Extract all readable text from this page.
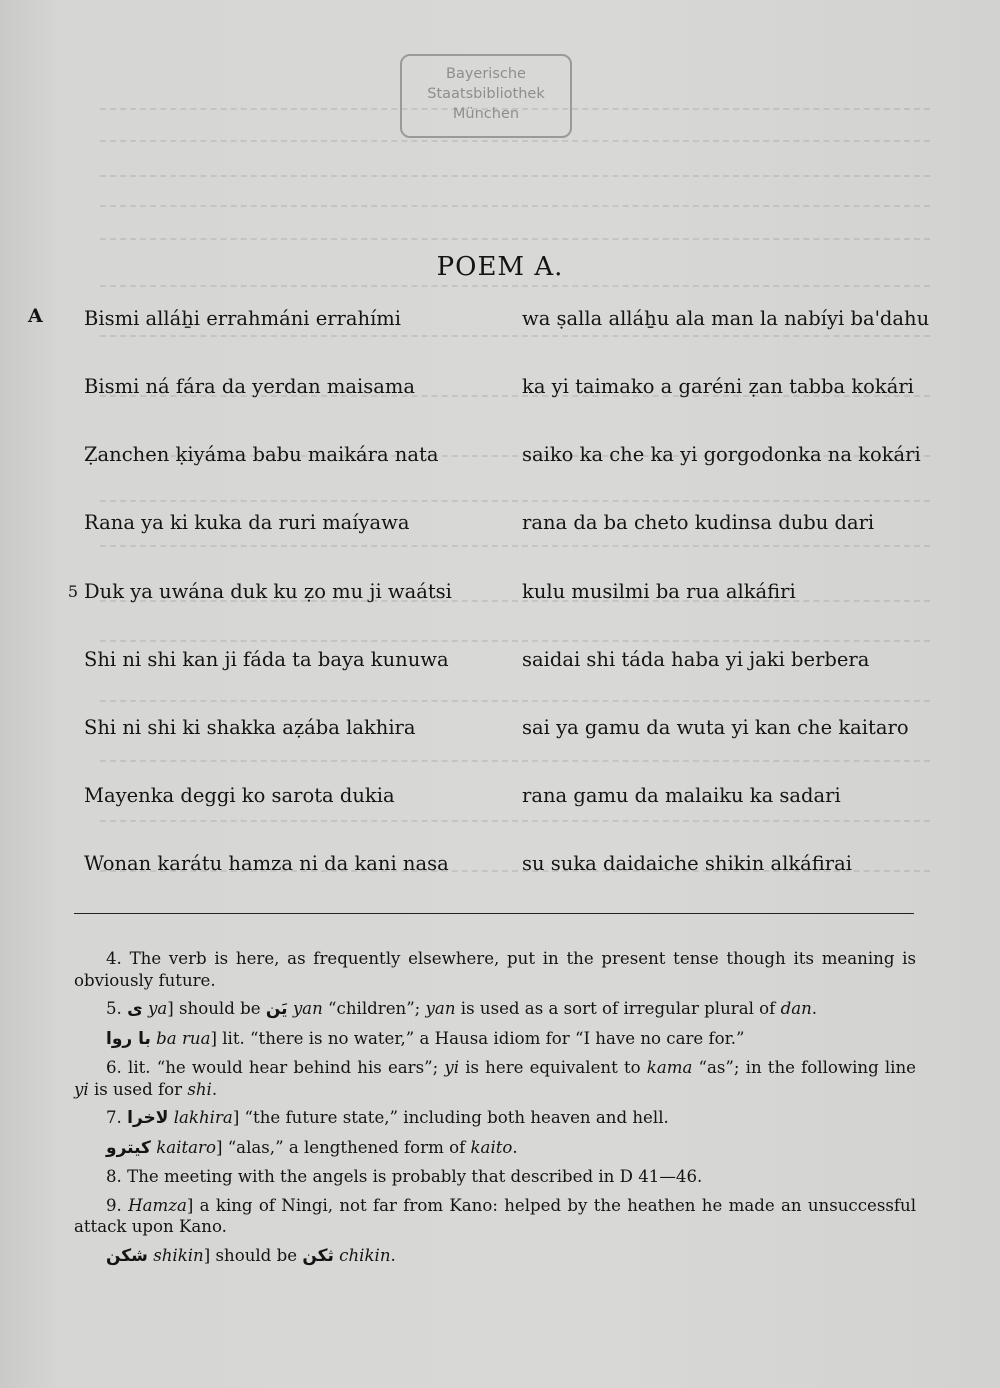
Bayerische
Staatsbibliothek
München
POEM A.
A Bismi alláẖi errahmáni errahími	wa ṣalla alláẖu ala man la nabíyi ba'dahu
Bismi ná fára da yerdan maisama	ka yi taimako a garéni ẓan tabba kokári
Ẓanchen ḳiyáma babu maikára nata	saiko ka che ka yi gorgodonka na kokári
Rana ya ki kuka da ruri maíyawa	rana da ba cheto kudinsa dubu dari
5 Duk ya uwána duk ku ẓo mu ji waátsi	kulu musilmi ba rua alkáfiri
Shi ni shi kan ji fáda ta baya kunuwa	saidai shi táda haba yi jaki berbera
Shi ni shi ki shakka aẓába lakhira	sai ya gamu da wuta yi kan che kaitaro
Mayenka deggi ko sarota dukia	rana gamu da malaiku ka sadari
Wonan karátu hamza ni da kani nasa	su suka daidaiche shikin alkáfirai

4. The verb is here, as frequently elsewhere, put in the present tense though its meaning is obviously future.

5. ى ya] should be يَن yan “children”; yan is used as a sort of irregular plural of dan.

با روا ba rua] lit. “there is no water,” a Hausa idiom for “I have no care for.”

6. lit. “he would hear behind his ears”; yi is here equivalent to kama “as”; in the following line yi is used for shi.

7. لاخرا lakhira] “the future state,” including both heaven and hell.

كيترو kaitaro] “alas,” a lengthened form of kaito.

8. The meeting with the angels is probably that described in D 41—46.

9. Hamza] a king of Ningi, not far from Kano: helped by the heathen he made an unsuccessful attack upon Kano.

شكن shikin] should be ثكن chikin.
